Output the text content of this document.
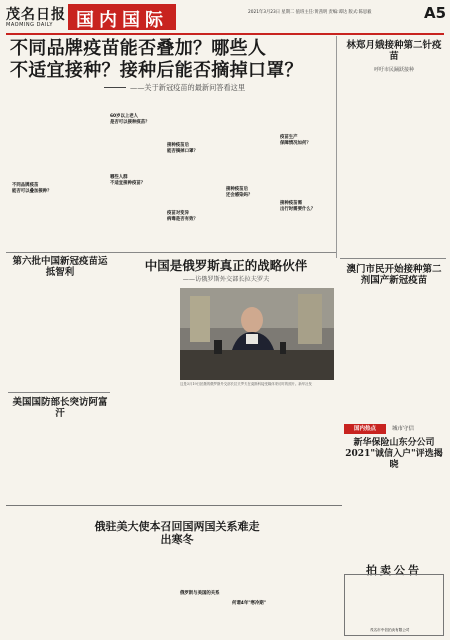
茂名日报
MAOMING DAILY	国内国际	2021年3月23日 星期二 值班主任:黄茜明 责编:谭达 版式:陈思毅	A5
不同品牌疫苗能否叠加？哪些人
不适宜接种？接种后能否摘掉口罩？
——关于新冠疫苗的最新问答看这里
不同品牌疫苗
能否可以叠加接种？
60岁以上老人
是否可以接种疫苗？
哪些人群
不适宜接种疫苗？
接种疫苗后
能否摘掉口罩？
疫苗对变异
病毒是否有效？
疫苗生产
保障情况如何？
接种疫苗后
还会感染吗？
接种疫苗需
出行时需要什么？
林郑月娥接种第二针疫苗
呼吁市民踊跃接种
澳门市民开始接种第二剂国产新冠疫苗
第六批中国新冠疫苗运抵智利
美国国防部长突访阿富汗
中国是俄罗斯真正的战略伙伴
——访俄罗斯外交部长拉夫罗夫
这是3月19日拍摄的俄罗斯外交部长拉夫罗夫在莫斯科接受媒体采访时的照片。新华社发
国内热点	城市守信
新华保险山东分公司2021"诚信入户"评选揭晓
俄驻美大使本召回国两国关系难走出寒冬
俄罗斯与美国的关系
何谓4年"寒冷期"
拍卖公告
茂名市中信拍卖有限公司
